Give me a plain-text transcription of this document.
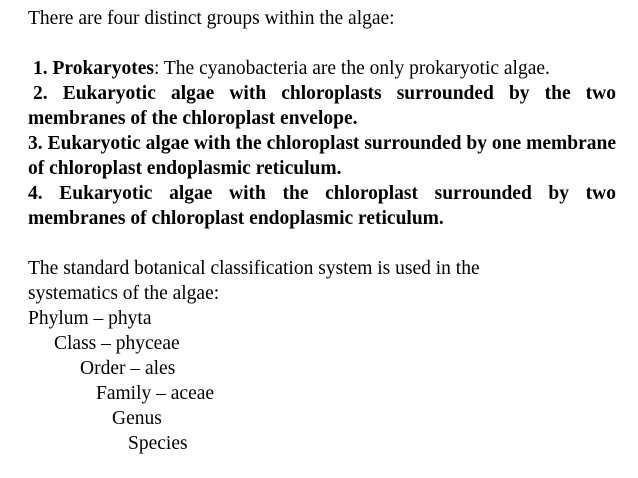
There are four distinct groups within the algae:
1. Prokaryotes: The cyanobacteria are the only prokaryotic algae.
2. Eukaryotic algae with chloroplasts surrounded by the two membranes of the chloroplast envelope.
3. Eukaryotic algae with the chloroplast surrounded by one membrane of chloroplast endoplasmic reticulum.
4. Eukaryotic algae with the chloroplast surrounded by two membranes of chloroplast endoplasmic reticulum.
The standard botanical classification system is used in the
systematics of the algae:
Phylum – phyta
Class – phyceae
Order – ales
Family – aceae
Genus
Species
